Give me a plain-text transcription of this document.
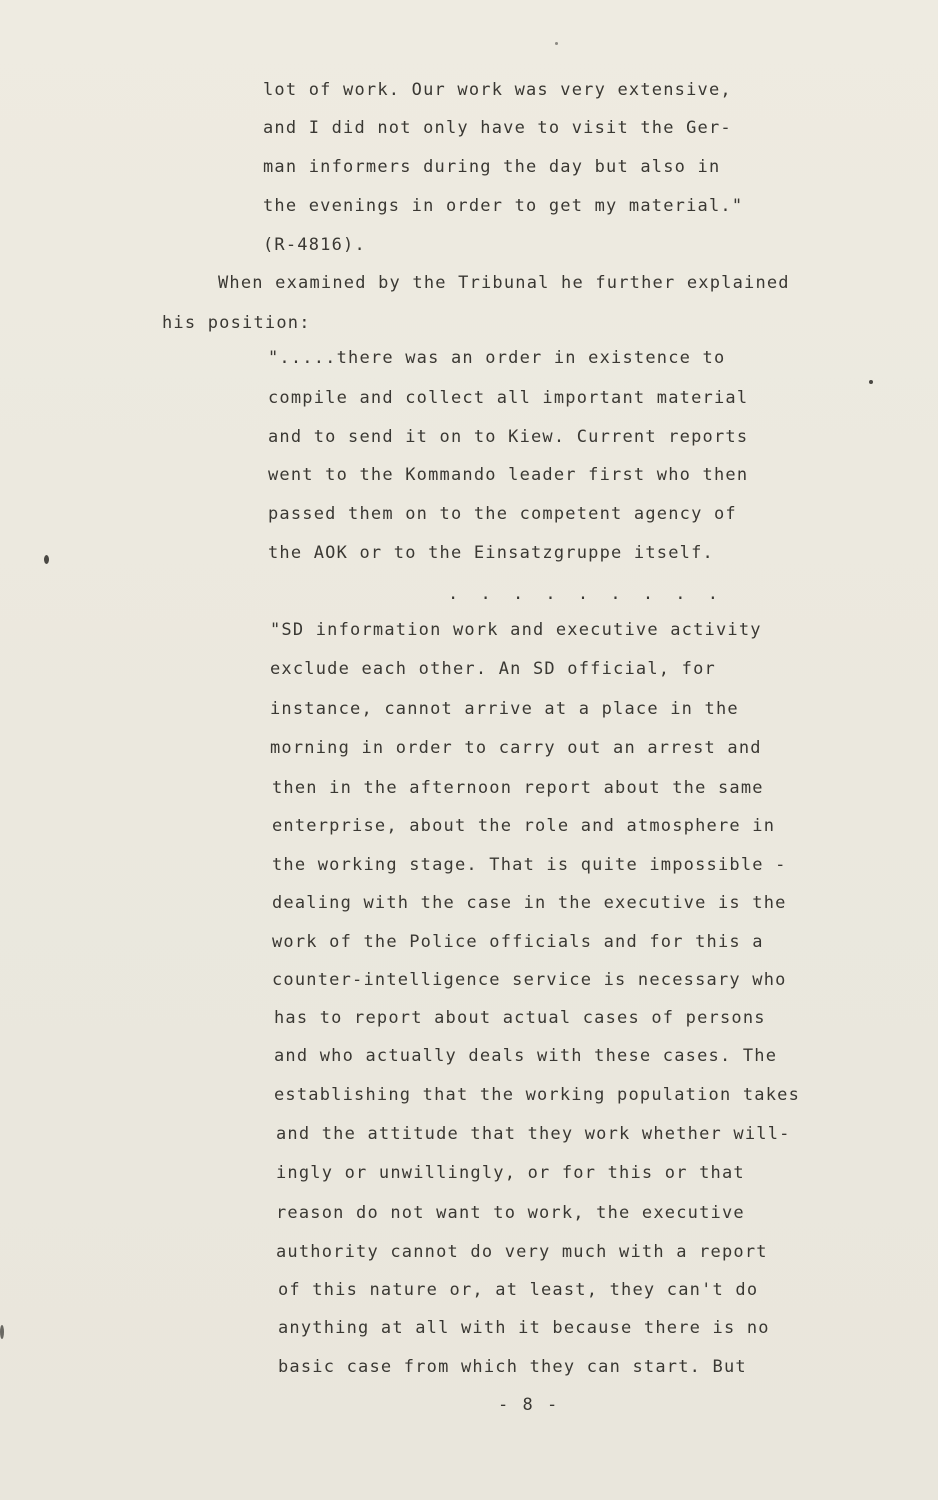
lot of work. Our work was very extensive,
and I did not only have to visit the Ger-
man informers during the day but also in
the evenings in order to get my material."
(R-4816).
When examined by the Tribunal he further explained
his position:
".....there was an order in existence to
compile and collect all important material
and to send it on to Kiew. Current reports
went to the Kommando leader first who then
passed them on to the competent agency of
the AOK or to the Einsatzgruppe itself.
. . . . . . . . .
"SD information work and executive activity
exclude each other. An SD official, for
instance, cannot arrive at a place in the
morning in order to carry out an arrest and
then in the afternoon report about the same
enterprise, about the role and atmosphere in
the working stage. That is quite impossible -
dealing with the case in the executive is the
work of the Police officials and for this a
counter-intelligence service is necessary who
has to report about actual cases of persons
and who actually deals with these cases. The
establishing that the working population takes
and the attitude that they work whether will-
ingly or unwillingly, or for this or that
reason do not want to work, the executive
authority cannot do very much with a report
of this nature or, at least, they can't do
anything at all with it because there is no
basic case from which they can start. But
- 8 -
